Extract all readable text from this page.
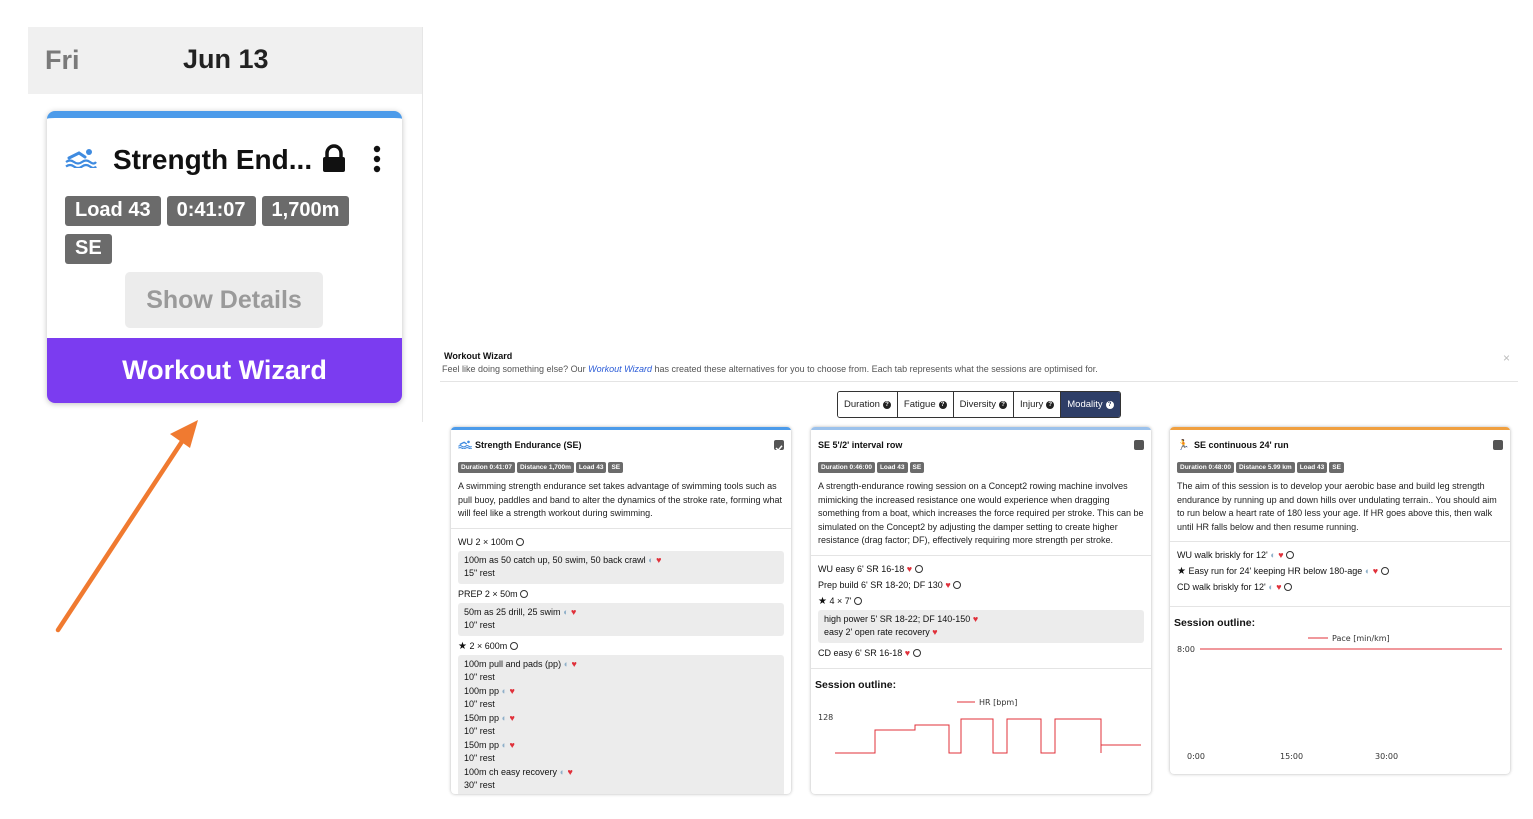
Fri	Jun 13
Strength End...
Load 43	0:41:07	1,700m
SE
Show Details
Workout Wizard	Workout Wizard
Feel like doing something else? Our Workout Wizard has created these alternatives for you to choose from. Each tab represents what the sessions are optimised for.
×
Duration ? Fatigue ? Diversity ? Injury ? Modality ?
Strength Endurance (SE)
Duration 0:41:07	Distance 1,700m	Load 43	SE
A swimming strength endurance set takes advantage of swimming tools such as pull buoy, paddles and band to alter the dynamics of the stroke rate, forming what will feel like a strength workout during swimming.
WU 2 × 100m
100m as 50 catch up, 50 swim, 50 back crawl ◐ ♥
15" rest
PREP 2 × 50m
50m as 25 drill, 25 swim ◐ ♥
10" rest
★ 2 × 600m
100m pull and pads (pp) ◐ ♥
10" rest
100m pp ◐ ♥
10" rest
150m pp ◐ ♥
10" rest
150m pp ◐ ♥
10" rest
100m ch easy recovery ◐ ♥
30" rest
SE 5'/2' interval row
Duration 0:46:00	Load 43	SE
A strength-endurance rowing session on a Concept2 rowing machine involves mimicking the increased resistance one would experience when dragging something from a boat, which increases the force required per stroke. This can be simulated on the Concept2 by adjusting the damper setting to create higher resistance (drag factor; DF), effectively requiring more strength per stroke.
WU easy 6' SR 16-18 ♥
Prep build 6' SR 18-20; DF 130 ♥
★ 4 × 7'
high power 5' SR 18-22; DF 140-150 ♥
easy 2' open rate recovery ♥
CD easy 6' SR 16-18 ♥
Session outline:
HR [bpm]
128
🏃 SE continuous 24' run
Duration 0:48:00	Distance 5.99 km	Load 43	SE
The aim of this session is to develop your aerobic base and build leg strength endurance by running up and down hills over undulating terrain.. You should aim to run below a heart rate of 180 less your age. If HR goes above this, then walk until HR falls below and then resume running.
WU walk briskly for 12' ◐ ♥
★ Easy run for 24' keeping HR below 180-age ◐ ♥
CD walk briskly for 12' ◐ ♥
Session outline:
Pace [min/km]
8:00
0:00	15:00	30:00
